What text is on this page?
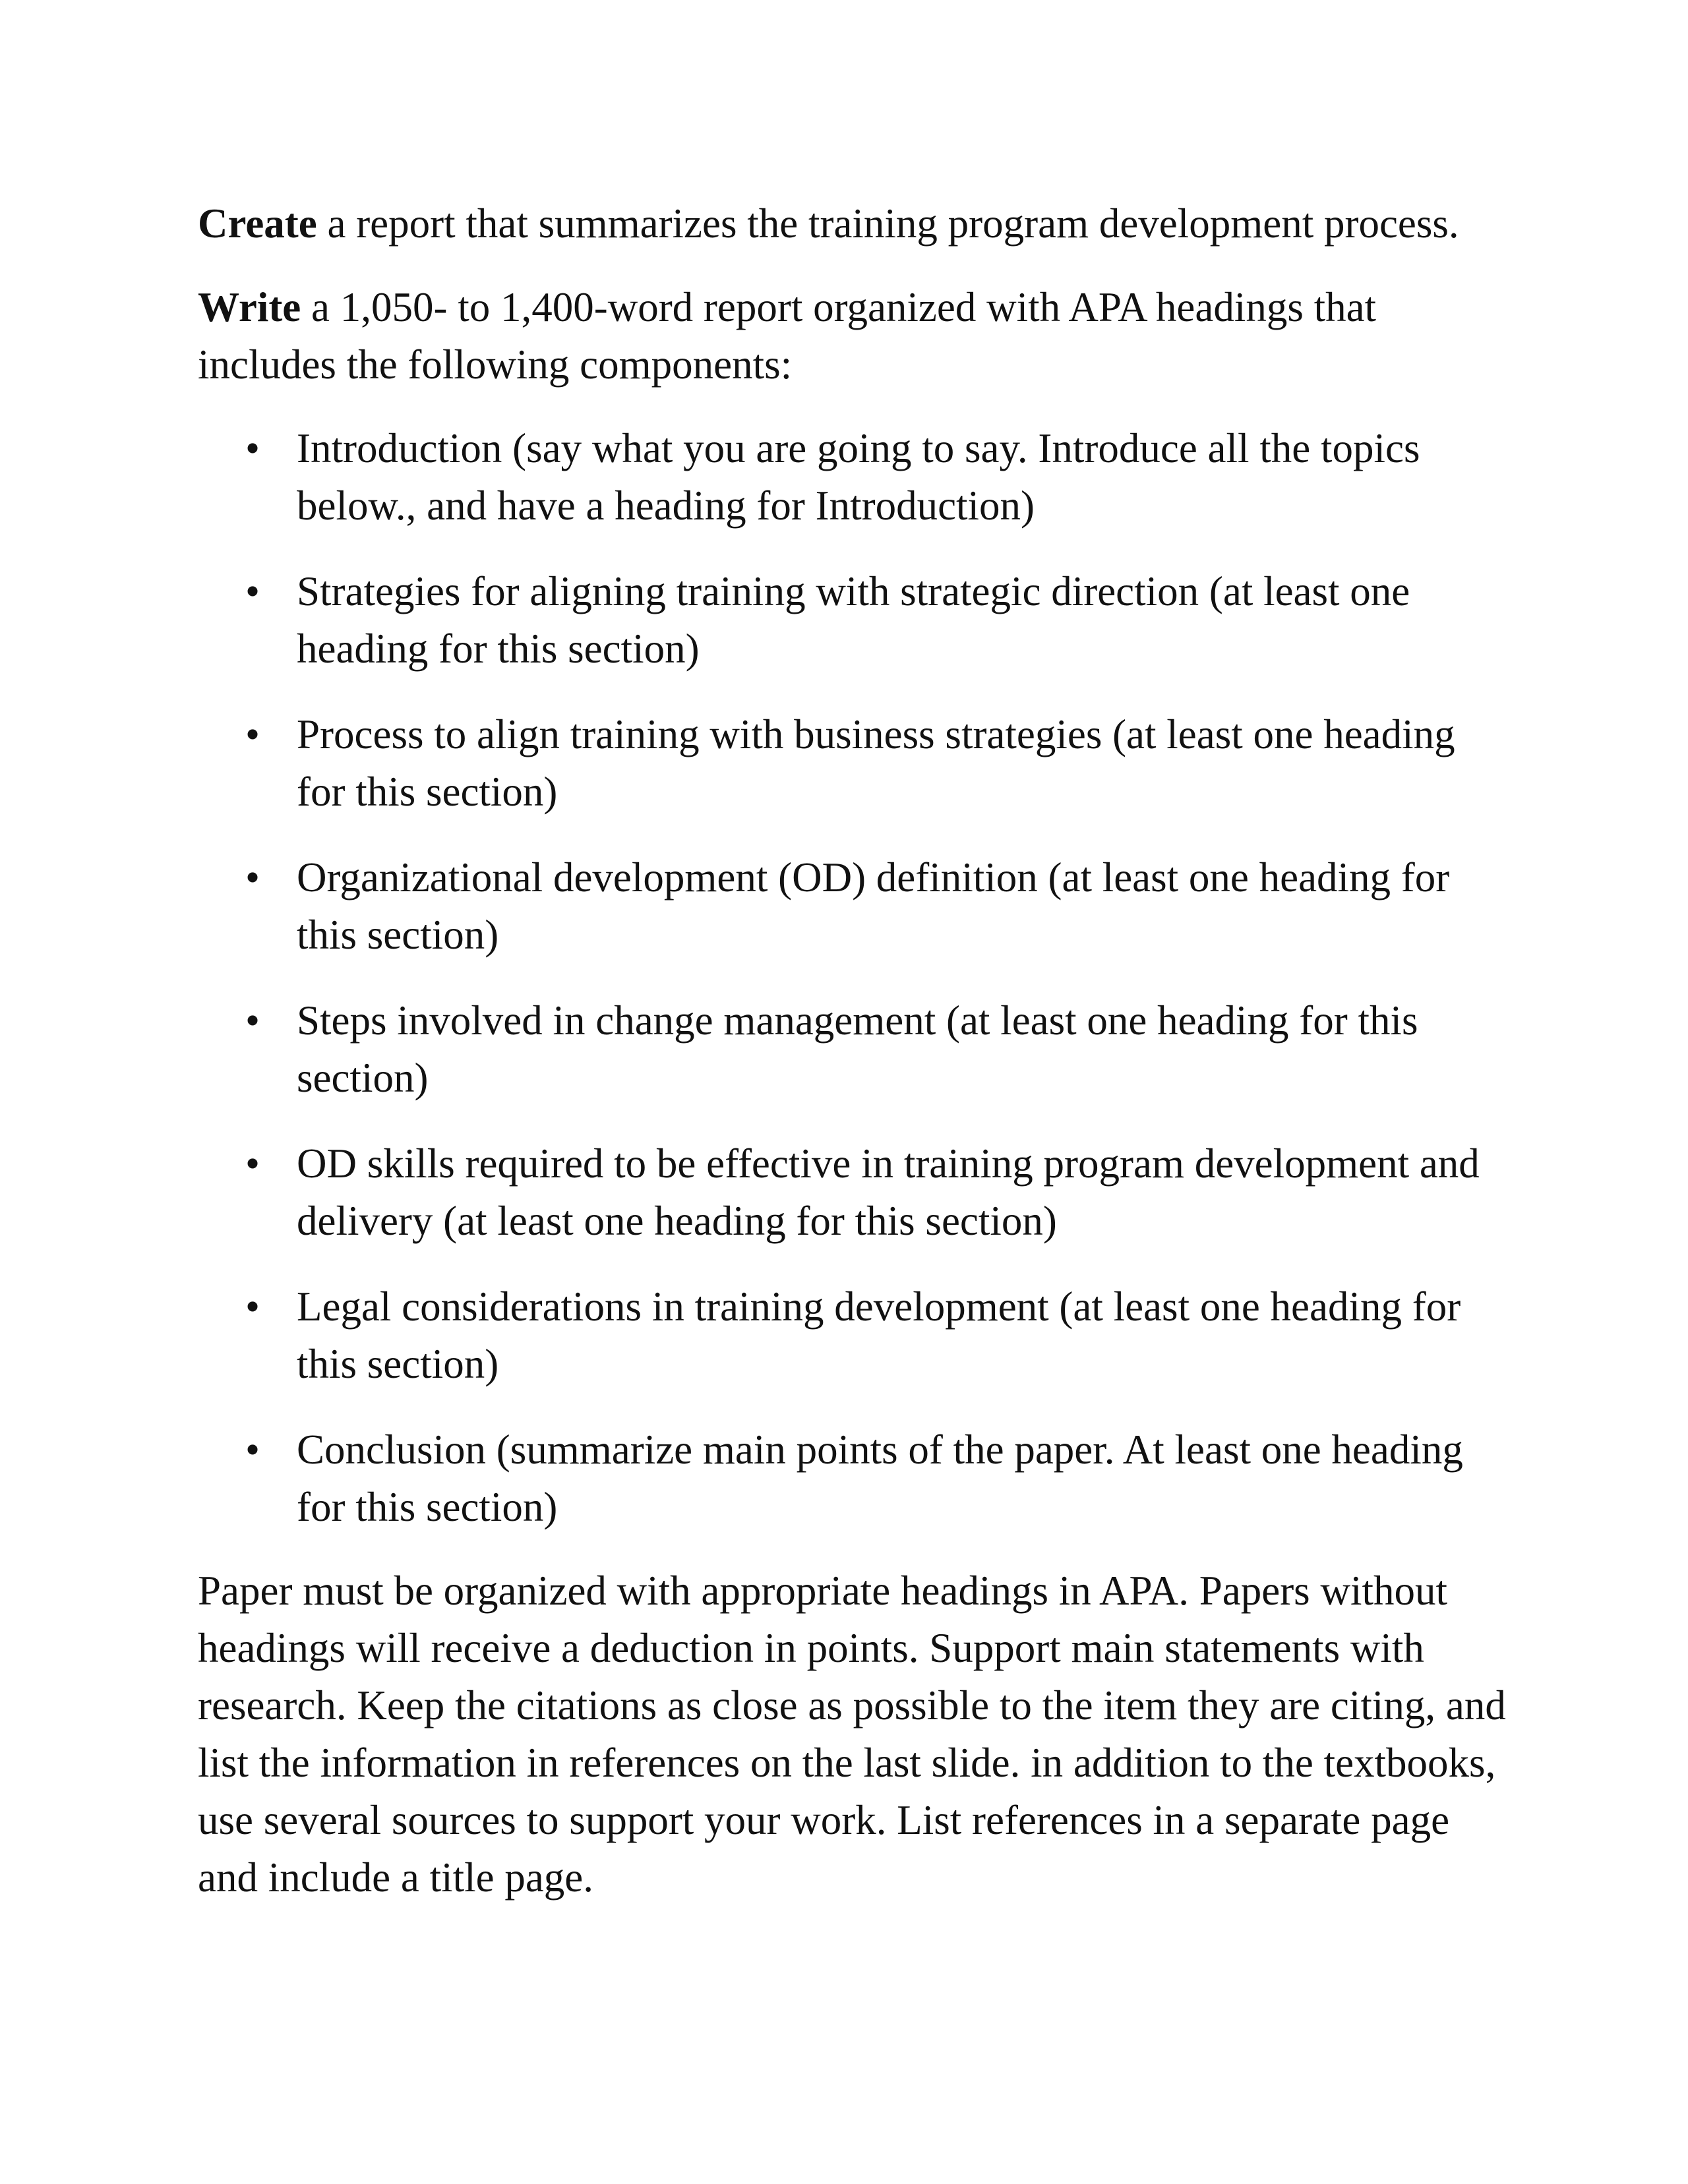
Create a report that summarizes the training program development process.

Write a 1,050- to 1,400-word report organized with APA headings that includes the following components:

• Introduction (say what you are going to say. Introduce all the topics below., and have a heading for Introduction)
• Strategies for aligning training with strategic direction (at least one heading for this section)
• Process to align training with business strategies (at least one heading for this section)
• Organizational development (OD) definition (at least one heading for this section)
• Steps involved in change management (at least one heading for this section)
• OD skills required to be effective in training program development and delivery (at least one heading for this section)
• Legal considerations in training development (at least one heading for this section)
• Conclusion (summarize main points of the paper. At least one heading for this section)

Paper must be organized with appropriate headings in APA. Papers without headings will receive a deduction in points. Support main statements with research. Keep the citations as close as possible to the item they are citing, and list the information in references on the last slide. in addition to the textbooks, use several sources to support your work. List references in a separate page and include a title page.
